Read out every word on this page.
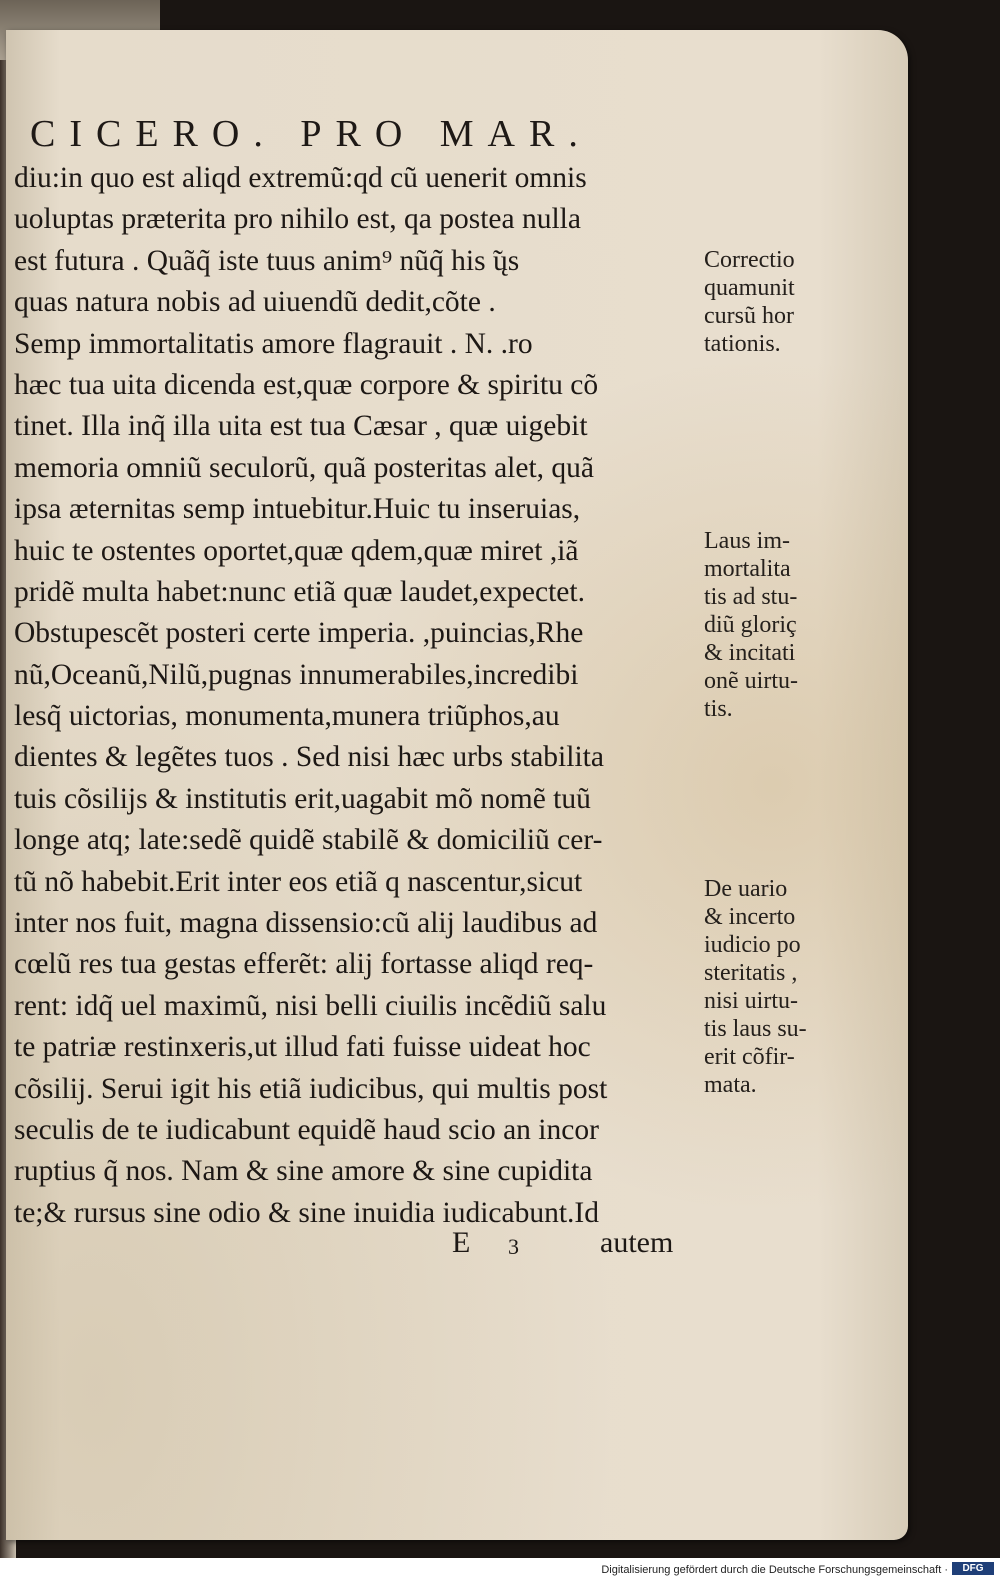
CICERO. PRO MAR.
diu:in quo est aliqd extremũ:qd cũ uenerit omnis
uoluptas præterita pro nihilo est, qa postea nulla
est futura . Quãq̃ iste tuus anim⁹ nũq̃ his ̃ųs
quas natura nobis ad uiuendũ dedit,cõte .
Semp immortalitatis amore flagrauit . N. .ro
hæc tua uita dicenda est,quæ corpore & spiritu cõ
tinet. Illa inq̃ illa uita est tua Cæsar , quæ uigebit
memoria omniũ seculorũ, quã posteritas alet, quã
ipsa æternitas semp intuebitur.Huic tu inseruias,
huic te ostentes oportet,quæ qdem,quæ miret ,iã
pridẽ multa habet:nunc etiã quæ laudet,expectet.
Obstupescẽt posteri certe imperia. ,puincias,Rhe
nũ,Oceanũ,Nilũ,pugnas innumerabiles,incredibi
lesq̃ uictorias, monumenta,munera triũphos,au
dientes & legẽtes tuos . Sed nisi hæc urbs stabilita
tuis cõsilijs & institutis erit,uagabit mõ nomẽ tuũ
longe atq; late:sedẽ quidẽ stabilẽ & domiciliũ cer-
tũ nõ habebit.Erit inter eos etiã q nascentur,sicut
inter nos fuit, magna dissensio:cũ alij laudibus ad
cœlũ res tua gestas efferẽt: alij fortasse aliqd req-
rent: idq̃ uel maximũ, nisi belli ciuilis incẽdiũ salu
te patriæ restinxeris,ut illud fati fuisse uideat hoc
cõsilij. Serui igit his etiã iudicibus, qui multis post
seculis de te iudicabunt equidẽ haud scio an incor
ruptius q̃ nos. Nam & sine amore & sine cupidita
te;& rursus sine odio & sine inuidia iudicabunt.Id
E 3	autem
Correctio
quamunit
cursũ hor
tationis.
Laus im-
mortalita
tis ad stu-
diũ gloriç
& incitati
onẽ uirtu-
tis.
De uario
& incerto
iudicio po
steritatis ,
nisi uirtu-
tis laus su-
erit cõfir-
mata.
Digitalisierung gefördert durch die Deutsche Forschungsgemeinschaft ·	DFG
